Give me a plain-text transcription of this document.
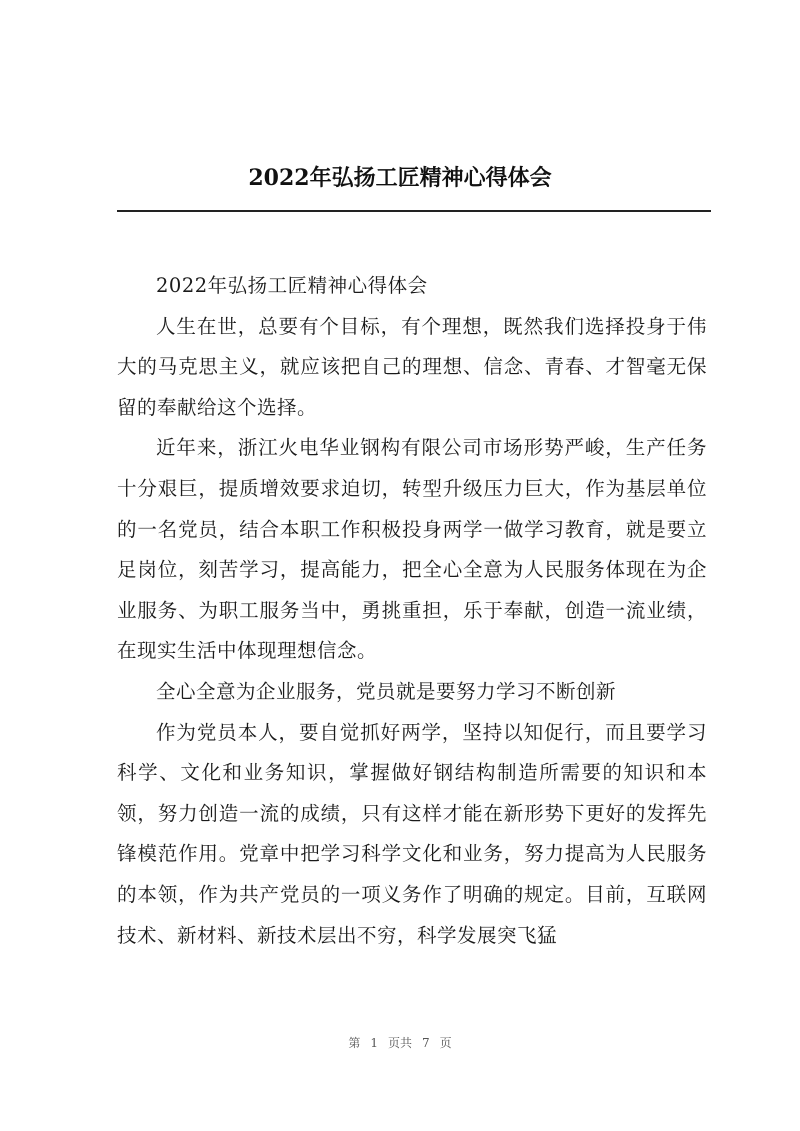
2022年弘扬工匠精神心得体会

2022年弘扬工匠精神心得体会

人生在世，总要有个目标，有个理想，既然我们选择投身于伟大的马克思主义，就应该把自己的理想、信念、青春、才智毫无保留的奉献给这个选择。

近年来，浙江火电华业钢构有限公司市场形势严峻，生产任务十分艰巨，提质增效要求迫切，转型升级压力巨大，作为基层单位的一名党员，结合本职工作积极投身两学一做学习教育，就是要立足岗位，刻苦学习，提高能力，把全心全意为人民服务体现在为企业服务、为职工服务当中，勇挑重担，乐于奉献，创造一流业绩，在现实生活中体现理想信念。

全心全意为企业服务，党员就是要努力学习不断创新

作为党员本人，要自觉抓好两学，坚持以知促行，而且要学习科学、文化和业务知识，掌握做好钢结构制造所需要的知识和本领，努力创造一流的成绩，只有这样才能在新形势下更好的发挥先锋模范作用。党章中把学习科学文化和业务，努力提高为人民服务的本领，作为共产党员的一项义务作了明确的规定。目前，互联网技术、新材料、新技术层出不穷，科学发展突飞猛

第 1 页共 7 页
